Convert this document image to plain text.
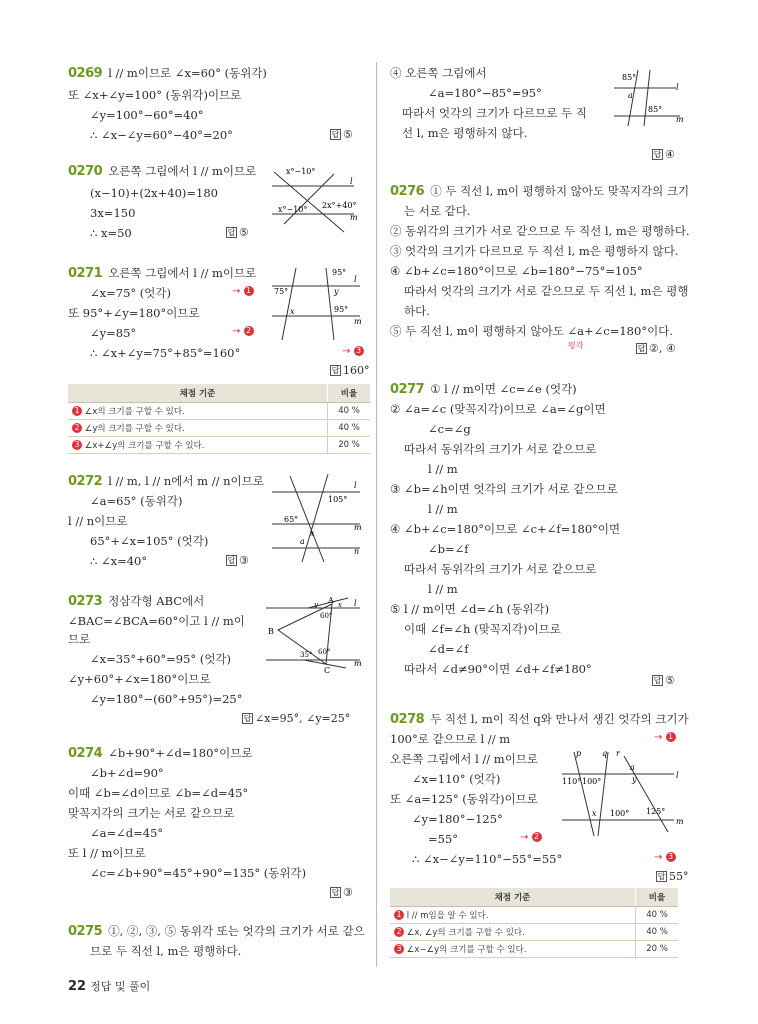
0269 l // m이므로 ∠x=60° (동위각)
또 ∠x+∠y=100° (동위각)이므로
∠y=100°−60°=40°
∴ ∠x−∠y=60°−40°=20°	답 ⑤
0270 오른쪽 그림에서 l // m이므로
(x−10)+(2x+40)=180
3x=150
∴ x=50	답 ⑤
x°−10°
2x°+40°
x°−10°
l
m
0271 오른쪽 그림에서 l // m이므로
∠x=75° (엇각)
또 95°+∠y=180°이므로
∠y=85°
∴ ∠x+∠y=75°+85°=160°
→ 1
→ 2
→ 3
답 160°
95°
75°	y
x	95°
l
m
채점 기준	비율
1 ∠x의 크기를 구할 수 있다.	40 %
2 ∠y의 크기를 구할 수 있다.	40 %
3 ∠x+∠y의 크기를 구할 수 있다.	20 %
0272 l // m, l // n에서 m // n이므로
∠a=65° (동위각)
l // n이므로
65°+∠x=105° (엇각)
∴ ∠x=40°	답 ③
105°
65°
a
x
l
m
n
0273 정삼각형 ABC에서
∠BAC=∠BCA=60°이고 l // m이
므로
∠x=35°+60°=95° (엇각)
∠y+60°+∠x=180°이므로
∠y=180°−(60°+95°)=25°
답 ∠x=95°, ∠y=25°
A
B
C
y	x
60°
35° 60°
l
m
0274 ∠b+90°+∠d=180°이므로
∠b+∠d=90°
이때 ∠b=∠d이므로 ∠b=∠d=45°
맞꼭지각의 크기는 서로 같으므로
∠a=∠d=45°
또 l // m이므로
∠c=∠b+90°=45°+90°=135° (동위각)
답 ③
0275 ①, ②, ③, ⑤ 동위각 또는 엇각의 크기가 서로 같으
므로 두 직선 l, m은 평행하다.
④ 오른쪽 그림에서
∠a=180°−85°=95°
따라서 엇각의 크기가 다르므로 두 직
선 l, m은 평행하지 않다.
답 ④
85°
a
85°
l
m
0276 ① 두 직선 l, m이 평행하지 않아도 맞꼭지각의 크기
는 서로 같다.
② 동위각의 크기가 서로 같으므로 두 직선 l, m은 평행하다.
③ 엇각의 크기가 다르므로 두 직선 l, m은 평행하지 않다.
④ ∠b+∠c=180°이므로 ∠b=180°−75°=105°
따라서 엇각의 크기가 서로 같으므로 두 직선 l, m은 평행
하다.
⑤ 두 직선 l, m이 평행하지 않아도 ∠a+∠c=180°이다.
평각	답 ②, ④
0277 ① l // m이면 ∠c=∠e (엇각)
② ∠a=∠c (맞꼭지각)이므로 ∠a=∠g이면
∠c=∠g
따라서 동위각의 크기가 서로 같으므로
l // m
③ ∠b=∠h이면 엇각의 크기가 서로 같으므로
l // m
④ ∠b+∠c=180°이므로 ∠c+∠f=180°이면
∠b=∠f
따라서 동위각의 크기가 서로 같으므로
l // m
⑤ l // m이면 ∠d=∠h (동위각)
이때 ∠f=∠h (맞꼭지각)이므로
∠d=∠f
따라서 ∠d≠90°이면 ∠d+∠f≠180°
답 ⑤
0278 두 직선 l, m이 직선 q와 만나서 생긴 엇각의 크기가
100°로 같으므로 l // m
오른쪽 그림에서 l // m이므로
∠x=110° (엇각)
또 ∠a=125° (동위각)이므로
∠y=180°−125°
=55°
∴ ∠x−∠y=110°−55°=55°
→ 1
→ 2
→ 3
답 55°
p	q r
a
y
110° 100°
x 100° 125°
l
m
채점 기준	비율
1 l // m임을 알 수 있다.	40 %
2 ∠x, ∠y의 크기를 구할 수 있다.	40 %
3 ∠x−∠y의 크기를 구할 수 있다.	20 %
22 정답 및 풀이
